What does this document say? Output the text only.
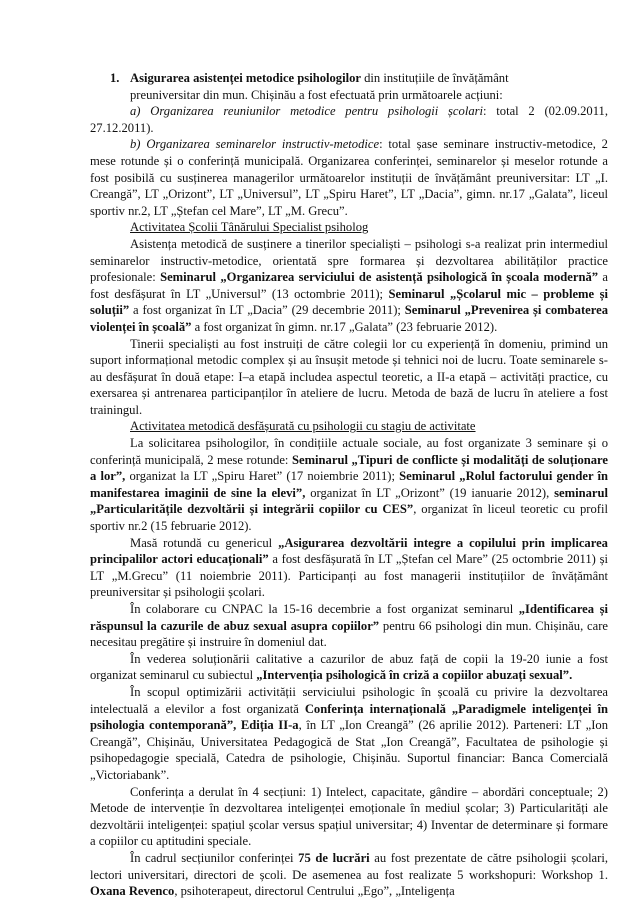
1. Asigurarea asistenței metodice psihologilor din instituțiile de învățământ

preuniversitar din mun. Chișinău a fost efectuată prin următoarele acțiuni:

a) Organizarea reuniunilor metodice pentru psihologii școlari: total 2 (02.09.2011, 27.12.2011).

b) Organizarea seminarelor instructiv-metodice: total șase seminare instructiv-metodice, 2 mese rotunde și o conferință municipală. Organizarea conferinței, seminarelor și meselor rotunde a fost posibilă cu susținerea managerilor următoarelor instituții de învățământ preuniversitar: LT „I. Creangă”, LT „Orizont”, LT „Universul”, LT „Spiru Haret”, LT „Dacia”, gimn. nr.17 „Galata”, liceul sportiv nr.2, LT „Ștefan cel Mare”, LT „M. Grecu”.

Activitatea Școlii Tânărului Specialist psiholog

Asistența metodică de susținere a tinerilor specialiști – psihologi s-a realizat prin intermediul seminarelor instructiv-metodice, orientată spre formarea și dezvoltarea abilităților practice profesionale: Seminarul „Organizarea serviciului de asistență psihologică în școala modernă” a fost desfășurat în LT „Universul” (13 octombrie 2011); Seminarul „Școlarul mic – probleme și soluții” a fost organizat în LT „Dacia” (29 decembrie 2011); Seminarul „Prevenirea și combaterea violenței în școală” a fost organizat în gimn. nr.17 „Galata” (23 februarie 2012).

Tinerii specialiști au fost instruiți de către colegii lor cu experiență în domeniu, primind un suport informațional metodic complex și au însușit metode și tehnici noi de lucru. Toate seminarele s-au desfășurat în două etape: I–a etapă includea aspectul teoretic, a II-a etapă – activități practice, cu exersarea și antrenarea participanților în ateliere de lucru. Metoda de bază de lucru în ateliere a fost trainingul.

Activitatea metodică desfășurată cu psihologii cu stagiu de activitate

La solicitarea psihologilor, în condițiile actuale sociale, au fost organizate 3 seminare și o conferință municipală, 2 mese rotunde: Seminarul „Tipuri de conflicte și modalități de soluționare a lor”, organizat la LT „Spiru Haret” (17 noiembrie 2011); Seminarul „Rolul factorului gender în manifestarea imaginii de sine la elevi”, organizat în LT „Orizont” (19 ianuarie 2012), seminarul „Particularitățile dezvoltării și integrării copiilor cu CES”, organizat în liceul teoretic cu profil sportiv nr.2 (15 februarie 2012).

Masă rotundă cu genericul „Asigurarea dezvoltării integre a copilului prin implicarea principalilor actori educaționali” a fost desfășurată în LT „Ștefan cel Mare” (25 octombrie 2011) și LT „M.Grecu” (11 noiembrie 2011). Participanți au fost managerii instituțiilor de învățământ preuniversitar și psihologii școlari.

În colaborare cu CNPAC la 15-16 decembrie a fost organizat seminarul „Identificarea și răspunsul la cazurile de abuz sexual asupra copiilor” pentru 66 psihologi din mun. Chișinău, care necesitau pregătire și instruire în domeniul dat.

În vederea soluționării calitative a cazurilor de abuz față de copii la 19-20 iunie a fost organizat seminarul cu subiectul „Intervenția psihologică în criză a copiilor abuzați sexual”.

În scopul optimizării activității serviciului psihologic în școală cu privire la dezvoltarea intelectuală a elevilor a fost organizată Conferința internațională „Paradigmele inteligenței în psihologia contemporană”, Ediția II-a, în LT „Ion Creangă” (26 aprilie 2012). Parteneri: LT „Ion Creangă”, Chișinău, Universitatea Pedagogică de Stat „Ion Creangă”, Facultatea de psihologie și psihopedagogie specială, Catedra de psihologie, Chișinău. Suportul financiar: Banca Comercială „Victoriabank”.

Conferința a derulat în 4 secțiuni: 1) Intelect, capacitate, gândire – abordări conceptuale; 2) Metode de intervenție în dezvoltarea inteligenței emoționale în mediul școlar; 3) Particularități ale dezvoltării inteligenței: spațiul școlar versus spațiul universitar; 4) Inventar de determinare și formare a copiilor cu aptitudini speciale.

În cadrul secțiunilor conferinței 75 de lucrări au fost prezentate de către psihologii școlari, lectori universitari, directori de școli. De asemenea au fost realizate 5 workshopuri: Workshop 1. Oxana Revenco, psihoterapeut, directorul Centrului „Ego”, „Inteligența
